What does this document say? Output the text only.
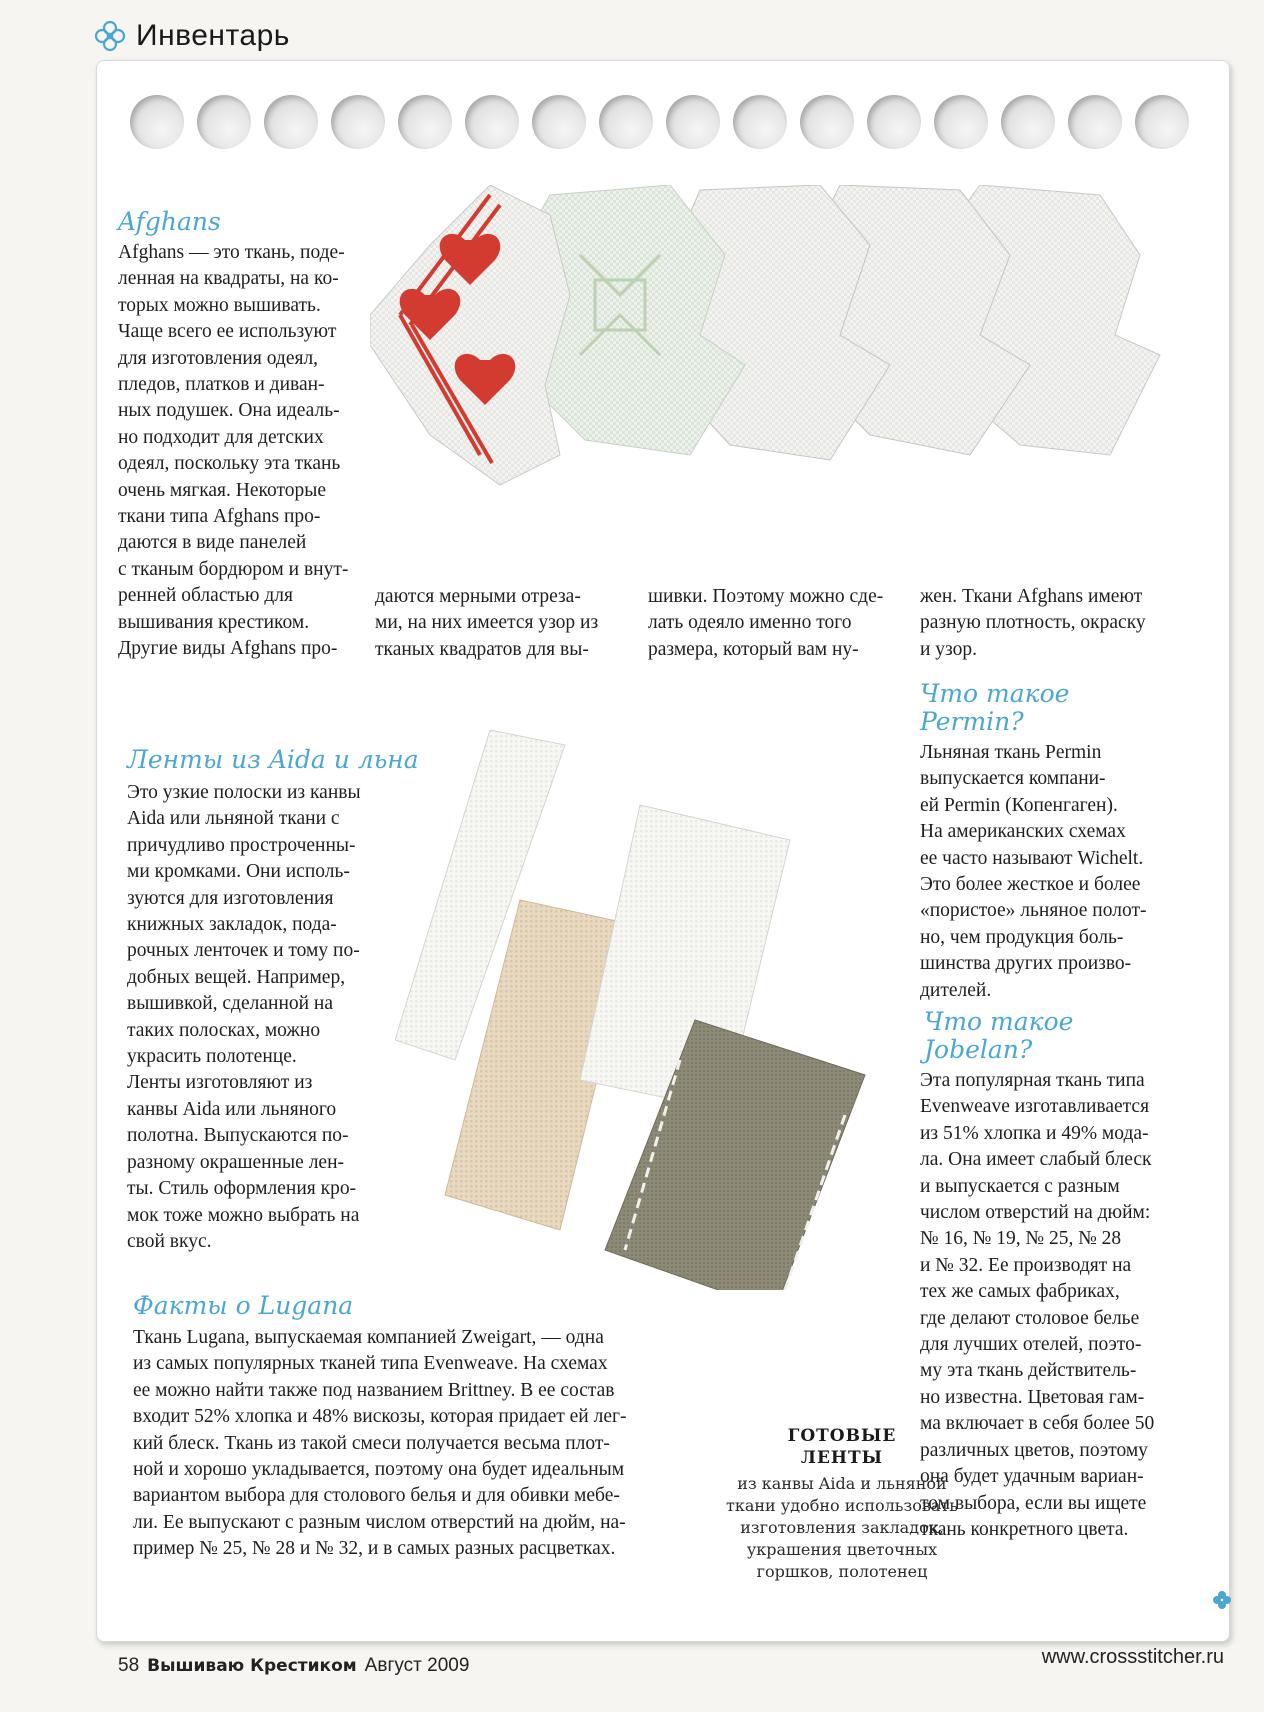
Инвентарь
Afghans
Afghans — это ткань, поде-
ленная на квадраты, на ко-
торых можно вышивать.
Чаще всего ее используют
для изготовления одеял,
пледов, платков и диван-
ных подушек. Она идеаль-
но подходит для детских
одеял, поскольку эта ткань
очень мягкая. Некоторые
ткани типа Afghans про-
даются в виде панелей
с тканым бордюром и внут-
ренней областью для
вышивания крестиком.
Другие виды Afghans про-
даются мерными отреза-
ми, на них имеется узор из
тканых квадратов для вы-
шивки. Поэтому можно сде-
лать одеяло именно того
размера, который вам ну-
жен. Ткани Afghans имеют
разную плотность, окраску
и узор.
Что такое
Permin?
Льняная ткань Permin
выпускается компани-
ей Permin (Копенгаген).
На американских схемах
ее часто называют Wichelt.
Это более жесткое и более
«пористое» льняное полот-
но, чем продукция боль-
шинства других произво-
дителей.
Ленты из Aida и льна
Это узкие полоски из канвы
Aida или льняной ткани с
причудливо простроченны-
ми кромками. Они исполь-
зуются для изготовления
книжных закладок, пода-
рочных ленточек и тому по-
добных вещей. Например,
вышивкой, сделанной на
таких полосках, можно
украсить полотенце.
Ленты изготовляют из
канвы Aida или льняного
полотна. Выпускаются по-
разному окрашенные лен-
ты. Стиль оформления кро-
мок тоже можно выбрать на
свой вкус.
Что такое
Jobelan?
Эта популярная ткань типа
Evenweave изготавливается
из 51% хлопка и 49% мода-
ла. Она имеет слабый блеск
и выпускается с разным
числом отверстий на дюйм:
№ 16, № 19, № 25, № 28
и № 32. Ее производят на
тех же самых фабриках,
где делают столовое белье
для лучших отелей, поэто-
му эта ткань действитель-
но известна. Цветовая гам-
ма включает в себя более 50
различных цветов, поэтому
она будет удачным вариан-
том выбора, если вы ищете
ткань конкретного цвета.
Факты о Lugana
Ткань Lugana, выпускаемая компанией Zweigart, — одна
из самых популярных тканей типа Evenweave. На схемах
ее можно найти также под названием Brittney. В ее состав
входит 52% хлопка и 48% вискозы, которая придает ей лег-
кий блеск. Ткань из такой смеси получается весьма плот-
ной и хорошо укладывается, поэтому она будет идеальным
вариантом выбора для столового белья и для обивки мебе-
ли. Ее выпускают с разным числом отверстий на дюйм, на-
пример № 25, № 28 и № 32, и в самых разных расцветках.
ГОТОВЫЕ
ЛЕНТЫ
из канвы Aida и льняной
ткани удобно использовать
изготовления закладок,
украшения цветочных
горшков, полотенец
58 Вышиваю Крестиком Август 2009	www.crossstitcher.ru
